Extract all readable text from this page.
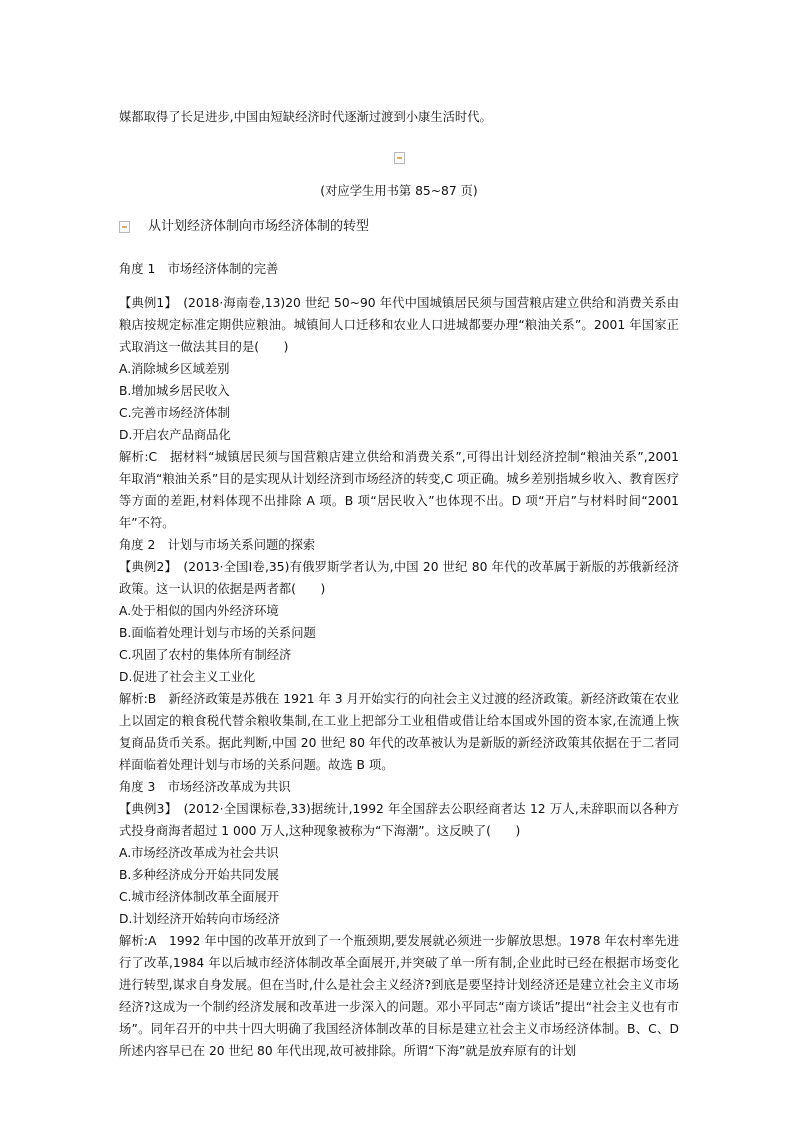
媒都取得了长足进步,中国由短缺经济时代逐渐过渡到小康生活时代。

(对应学生用书第 85~87 页)

从计划经济体制向市场经济体制的转型

角度 1　市场经济体制的完善

【典例1】　(2018·海南卷,13)20 世纪 50~90 年代中国城镇居民须与国营粮店建立供给和消费关系由粮店按规定标准定期供应粮油。城镇间人口迁移和农业人口进城都要办理“粮油关系”。2001 年国家正式取消这一做法其目的是(　　)

A.消除城乡区域差别

B.增加城乡居民收入

C.完善市场经济体制

D.开启农产品商品化

解析:C　据材料“城镇居民须与国营粮店建立供给和消费关系”,可得出计划经济控制“粮油关系”,2001 年取消“粮油关系”目的是实现从计划经济到市场经济的转变,C 项正确。城乡差别指城乡收入、教育医疗等方面的差距,材料体现不出排除 A 项。B 项“居民收入”也体现不出。D 项“开启”与材料时间“2001 年”不符。

角度 2　计划与市场关系问题的探索

【典例2】　(2013·全国Ⅰ卷,35)有俄罗斯学者认为,中国 20 世纪 80 年代的改革属于新版的苏俄新经济政策。这一认识的依据是两者都(　　)

A.处于相似的国内外经济环境

B.面临着处理计划与市场的关系问题

C.巩固了农村的集体所有制经济

D.促进了社会主义工业化

解析:B　新经济政策是苏俄在 1921 年 3 月开始实行的向社会主义过渡的经济政策。新经济政策在农业上以固定的粮食税代替余粮收集制,在工业上把部分工业租借或借让给本国或外国的资本家,在流通上恢复商品货币关系。据此判断,中国 20 世纪 80 年代的改革被认为是新版的新经济政策其依据在于二者同样面临着处理计划与市场的关系问题。故选 B 项。

角度 3　市场经济改革成为共识

【典例3】　(2012·全国课标卷,33)据统计,1992 年全国辞去公职经商者达 12 万人,未辞职而以各种方式投身商海者超过 1 000 万人,这种现象被称为“下海潮”。这反映了(　　)

A.市场经济改革成为社会共识

B.多种经济成分开始共同发展

C.城市经济体制改革全面展开

D.计划经济开始转向市场经济

解析:A　1992 年中国的改革开放到了一个瓶颈期,要发展就必须进一步解放思想。1978 年农村率先进行了改革,1984 年以后城市经济体制改革全面展开,并突破了单一所有制,企业此时已经在根据市场变化进行转型,谋求自身发展。但在当时,什么是社会主义经济?到底是要坚持计划经济还是建立社会主义市场经济?这成为一个制约经济发展和改革进一步深入的问题。邓小平同志“南方谈话”提出“社会主义也有市场”。同年召开的中共十四大明确了我国经济体制改革的目标是建立社会主义市场经济体制。B、C、D 所述内容早已在 20 世纪 80 年代出现,故可被排除。所谓“下海”就是放弃原有的计划
